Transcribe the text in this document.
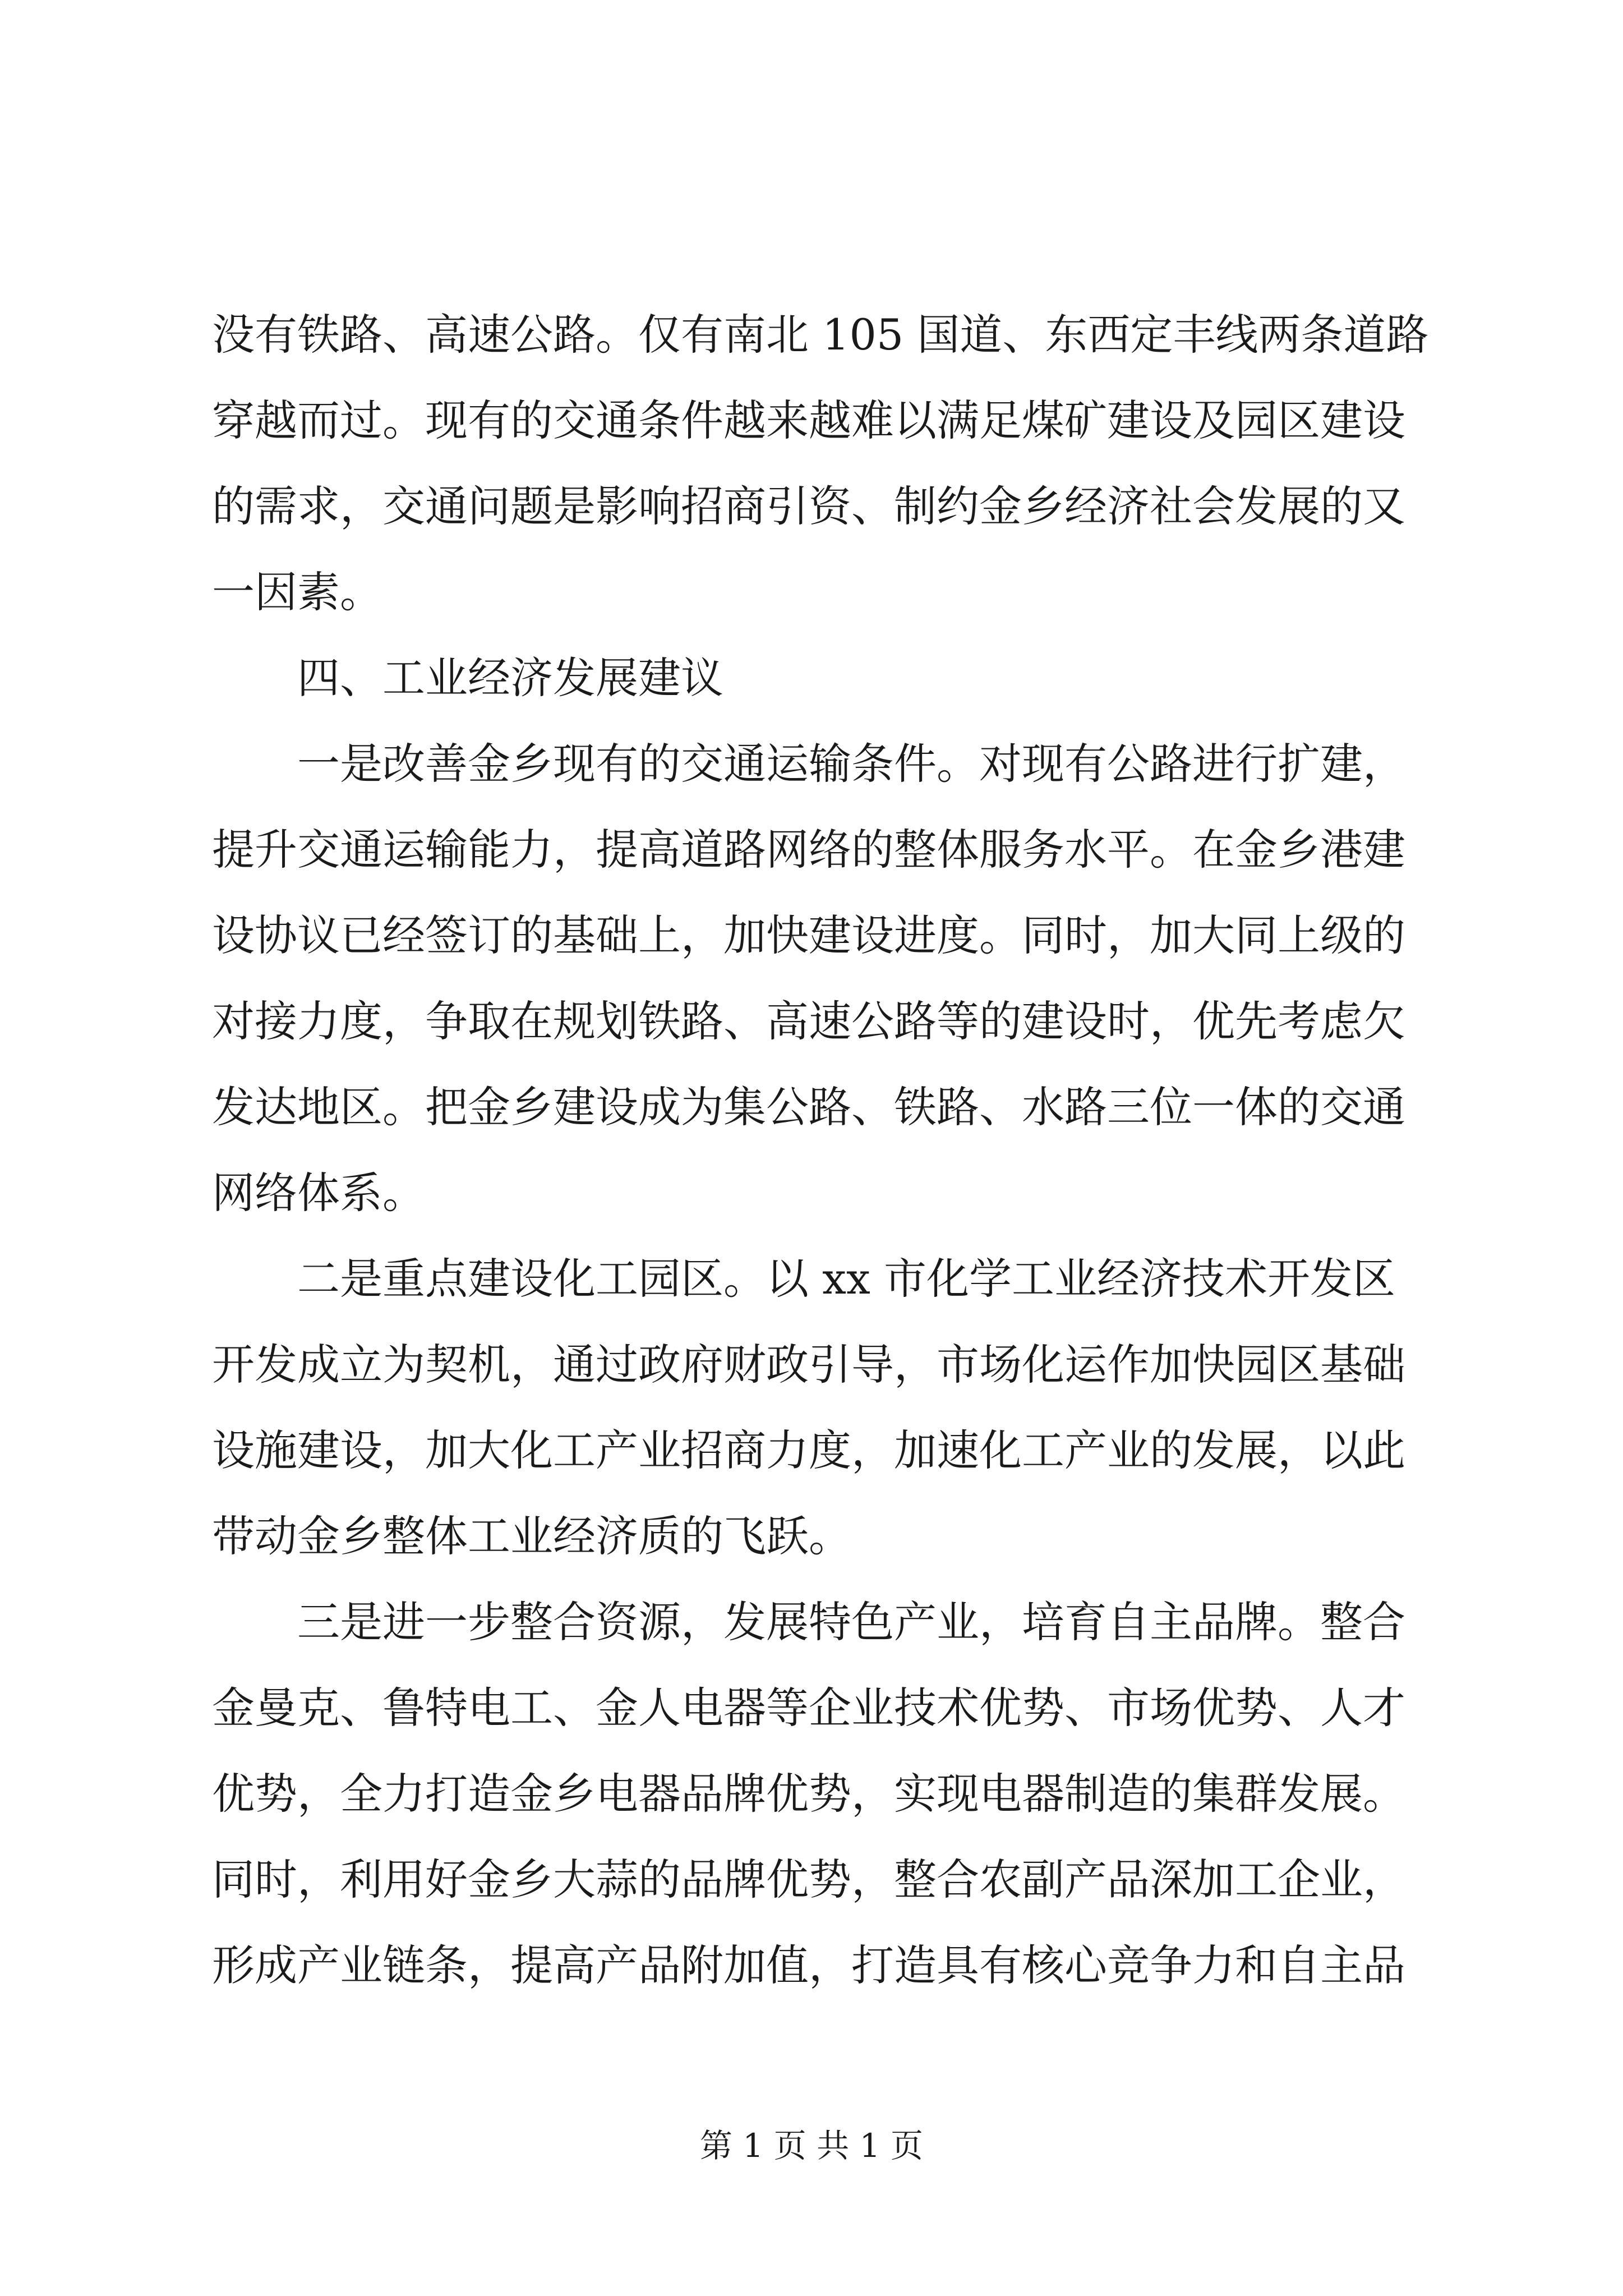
没有铁路、高速公路。仅有南北 105 国道、东西定丰线两条道路
穿越而过。现有的交通条件越来越难以满足煤矿建设及园区建设
的需求，交通问题是影响招商引资、制约金乡经济社会发展的又
一因素。
四、工业经济发展建议
一是改善金乡现有的交通运输条件。对现有公路进行扩建，
提升交通运输能力，提高道路网络的整体服务水平。在金乡港建
设协议已经签订的基础上，加快建设进度。同时，加大同上级的
对接力度，争取在规划铁路、高速公路等的建设时，优先考虑欠
发达地区。把金乡建设成为集公路、铁路、水路三位一体的交通
网络体系。
二是重点建设化工园区。以 xx 市化学工业经济技术开发区
开发成立为契机，通过政府财政引导，市场化运作加快园区基础
设施建设，加大化工产业招商力度，加速化工产业的发展，以此
带动金乡整体工业经济质的飞跃。
三是进一步整合资源，发展特色产业，培育自主品牌。整合
金曼克、鲁特电工、金人电器等企业技术优势、市场优势、人才
优势，全力打造金乡电器品牌优势，实现电器制造的集群发展。
同时，利用好金乡大蒜的品牌优势，整合农副产品深加工企业，
形成产业链条，提高产品附加值，打造具有核心竞争力和自主品
第 1 页 共 1 页
